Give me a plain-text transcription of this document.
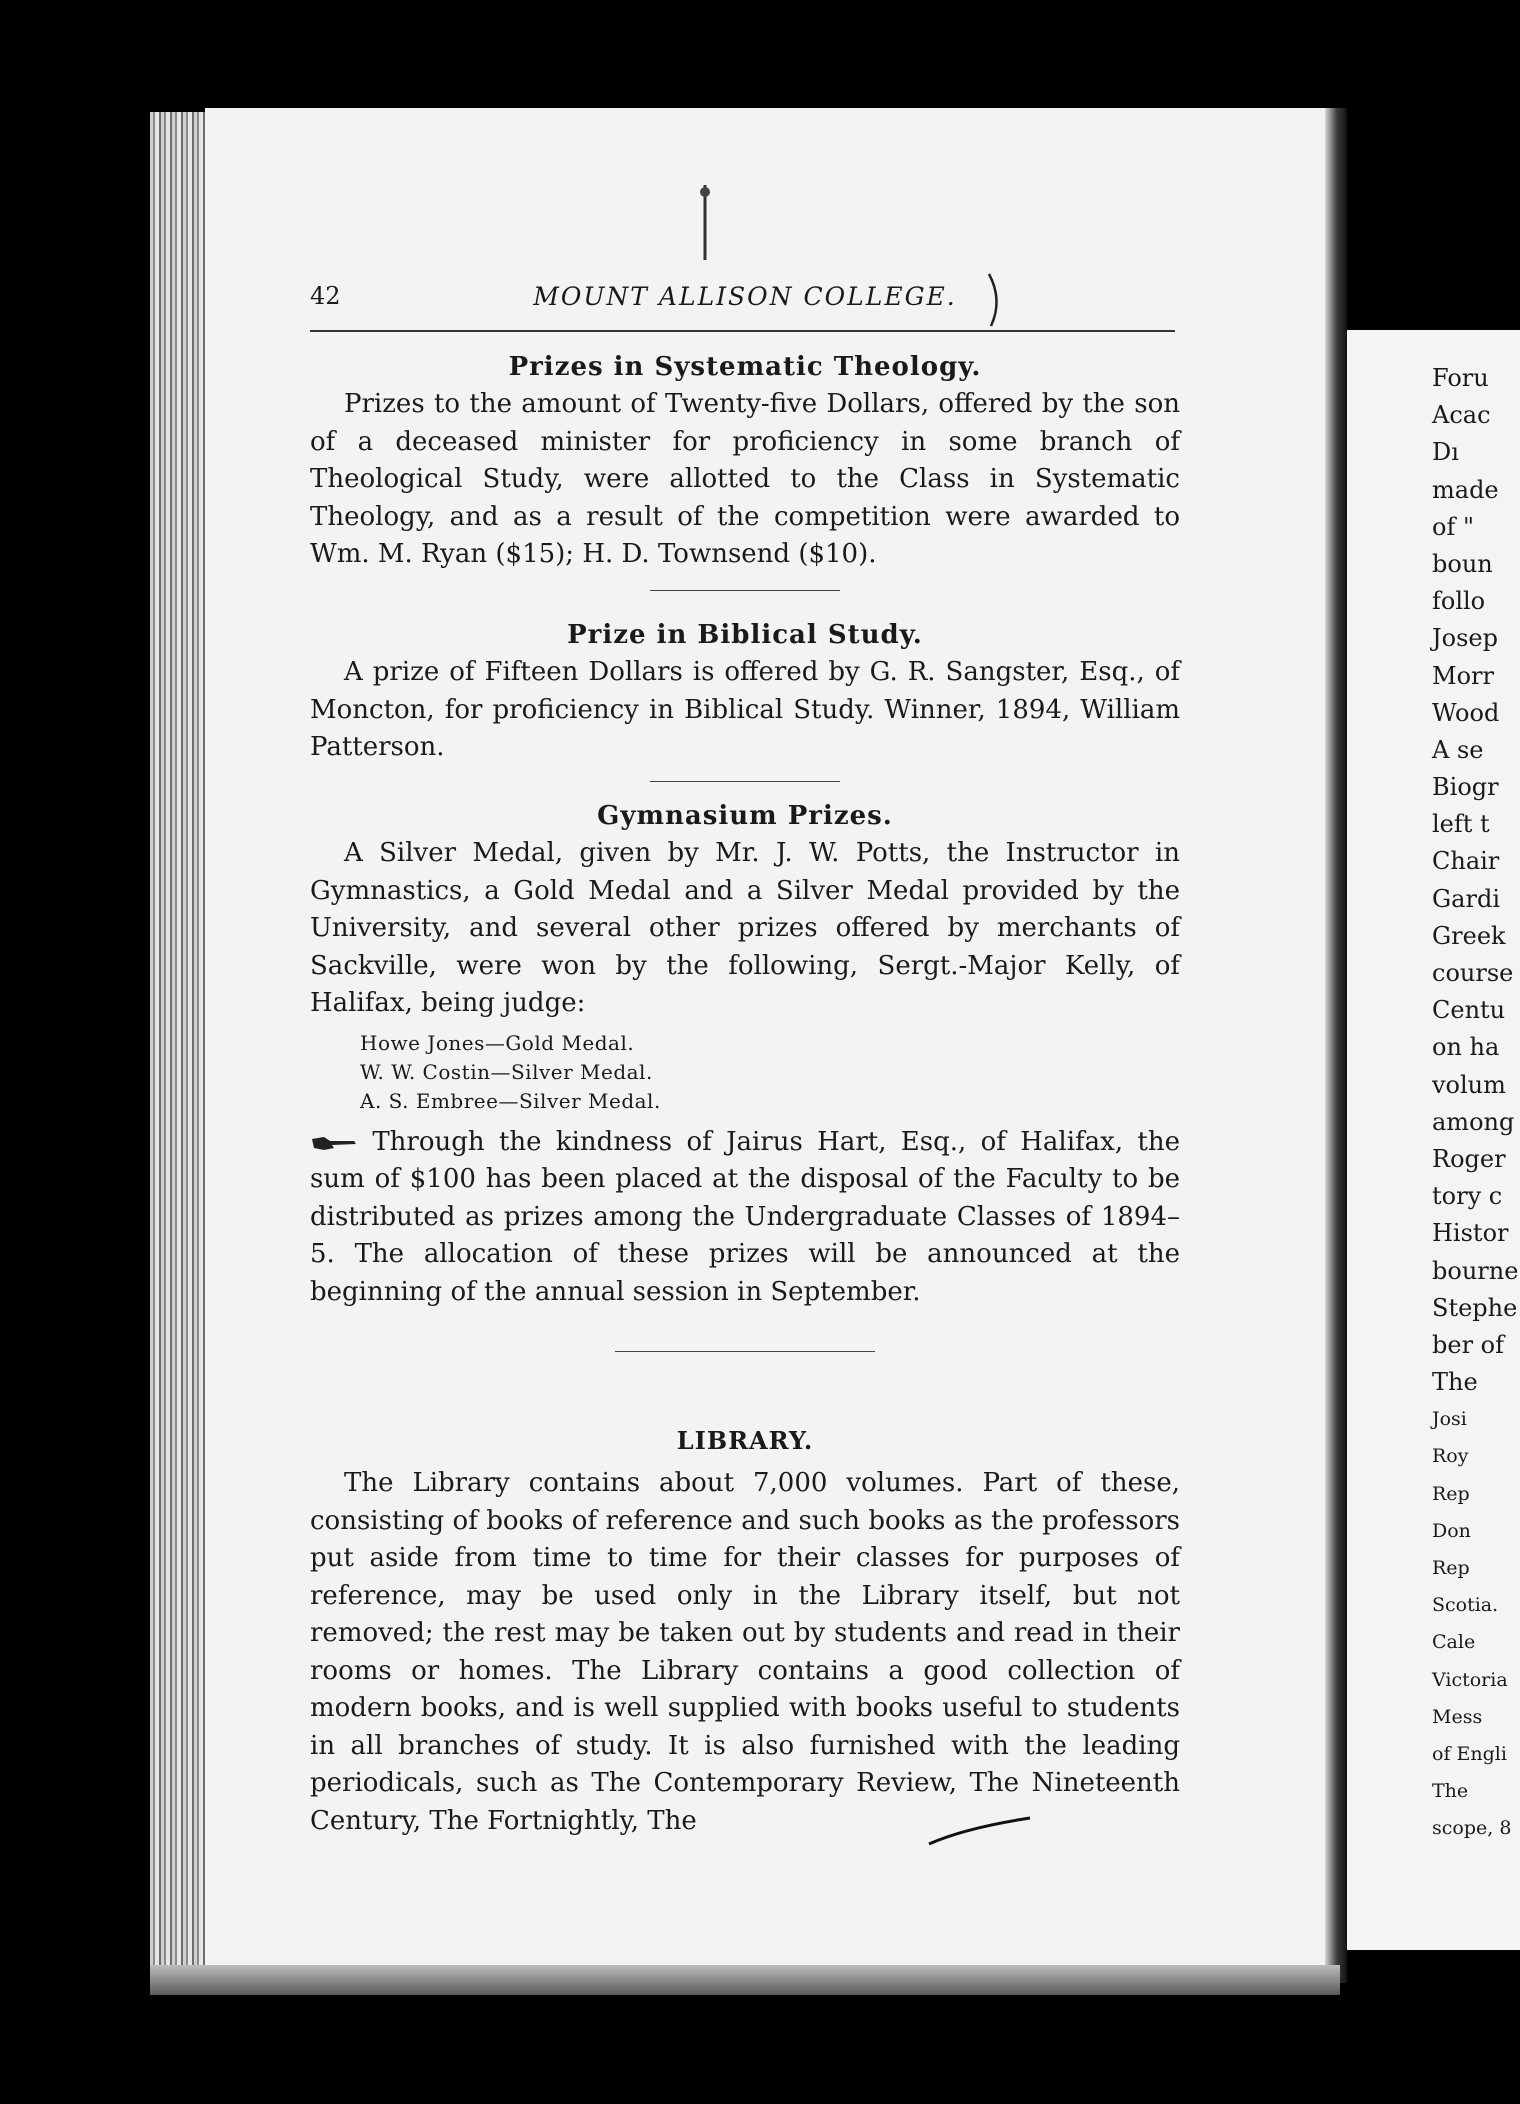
42	MOUNT ALLISON COLLEGE.
Prizes in Systematic Theology.

Prizes to the amount of Twenty-five Dollars, offered by the son of a deceased minister for proficiency in some branch of Theological Study, were allotted to the Class in Systematic Theology, and as a result of the competition were awarded to Wm. M. Ryan ($15); H. D. Townsend ($10).

Prize in Biblical Study.

A prize of Fifteen Dollars is offered by G. R. Sangster, Esq., of Moncton, for proficiency in Biblical Study. Winner, 1894, William Patterson.

Gymnasium Prizes.

A Silver Medal, given by Mr. J. W. Potts, the Instructor in Gymnastics, a Gold Medal and a Silver Medal provided by the University, and several other prizes offered by merchants of Sackville, were won by the following, Sergt.-Major Kelly, of Halifax, being judge:

Howe Jones—Gold Medal.
W. W. Costin—Silver Medal.
A. S. Embree—Silver Medal.

Through the kindness of Jairus Hart, Esq., of Halifax, the sum of $100 has been placed at the disposal of the Faculty to be distributed as prizes among the Undergraduate Classes of 1894–5. The allocation of these prizes will be announced at the beginning of the annual session in September.

LIBRARY.

The Library contains about 7,000 volumes. Part of these, consisting of books of reference and such books as the professors put aside from time to time for their classes for purposes of reference, may be used only in the Library itself, but not removed; the rest may be taken out by students and read in their rooms or homes. The Library contains a good collection of modern books, and is well supplied with books useful to students in all branches of study. It is also furnished with the leading periodicals, such as The Contemporary Review, The Nineteenth Century, The Fortnightly, The

Foru
Acac
Dı
made
of "
boun
follo
Josep
Morr
Wood
A se
Biogr
left t
Chair
Gardi
Greek
course
Centu
on ha
volum
among
Roger
tory c
Histor
bourne
Stephe
ber of
The
Josi
Roy
Rep
Don
Rep
Scotia.
Cale
Victoria
Mess
of Engli
The
scope, 8
